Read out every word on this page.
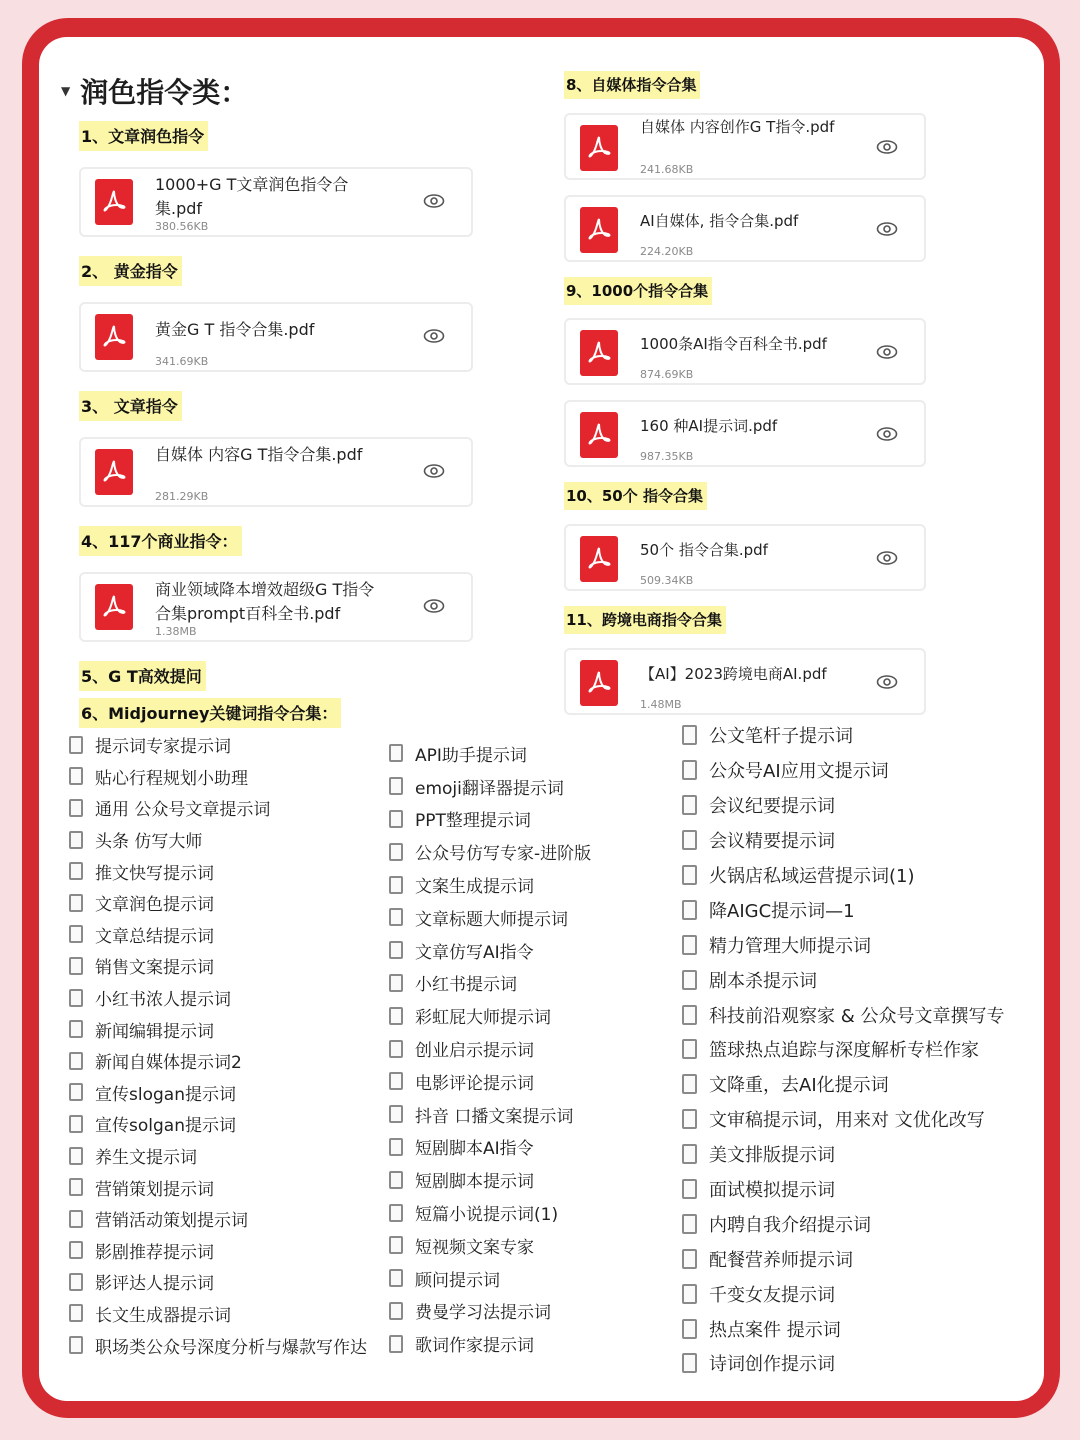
▼ 润色指令类：
1、文章润色指令
1000+G T文章润色指令合集.pdf
380.56KB
2、 黄金指令
黄金G T 指令合集.pdf
341.69KB
3、 文章指令
自媒体 内容G T指令合集.pdf
281.29KB
4、117个商业指令：
商业领域降本增效超级G T指令合集prompt百科全书.pdf
1.38MB
5、G T高效提问
6、Midjourney关键词指令合集：
8、自媒体指令合集
自媒体 内容创作G T指令.pdf
241.68KB
AI自媒体, 指令合集.pdf
224.20KB
9、1000个指令合集
1000条AI指令百科全书.pdf
874.69KB
160 种AI提示词.pdf
987.35KB
10、50个 指令合集
50个 指令合集.pdf
509.34KB
11、跨境电商指令合集
【AI】2023跨境电商AI.pdf
1.48MB
提示词专家提示词
贴心行程规划小助理
通用 公众号文章提示词
头条 仿写大师
推文快写提示词
文章润色提示词
文章总结提示词
销售文案提示词
小红书浓人提示词
新闻编辑提示词
新闻自媒体提示词2
宣传slogan提示词
宣传solgan提示词
养生文提示词
营销策划提示词
营销活动策划提示词
影剧推荐提示词
影评达人提示词
长文生成器提示词
职场类公众号深度分析与爆款写作达
API助手提示词
emoji翻译器提示词
PPT整理提示词
公众号仿写专家-进阶版
文案生成提示词
文章标题大师提示词
文章仿写AI指令
小红书提示词
彩虹屁大师提示词
创业启示提示词
电影评论提示词
抖音 口播文案提示词
短剧脚本AI指令
短剧脚本提示词
短篇小说提示词(1)
短视频文案专家
顾问提示词
费曼学习法提示词
歌词作家提示词
公文笔杆子提示词
公众号AI应用文提示词
会议纪要提示词
会议精要提示词
火锅店私域运营提示词(1)
降AIGC提示词—1
精力管理大师提示词
剧本杀提示词
科技前沿观察家 & 公众号文章撰写专
篮球热点追踪与深度解析专栏作家
文降重，去AI化提示词
文审稿提示词，用来对 文优化改写
美文排版提示词
面试模拟提示词
内聘自我介绍提示词
配餐营养师提示词
千变女友提示词
热点案件 提示词
诗词创作提示词
